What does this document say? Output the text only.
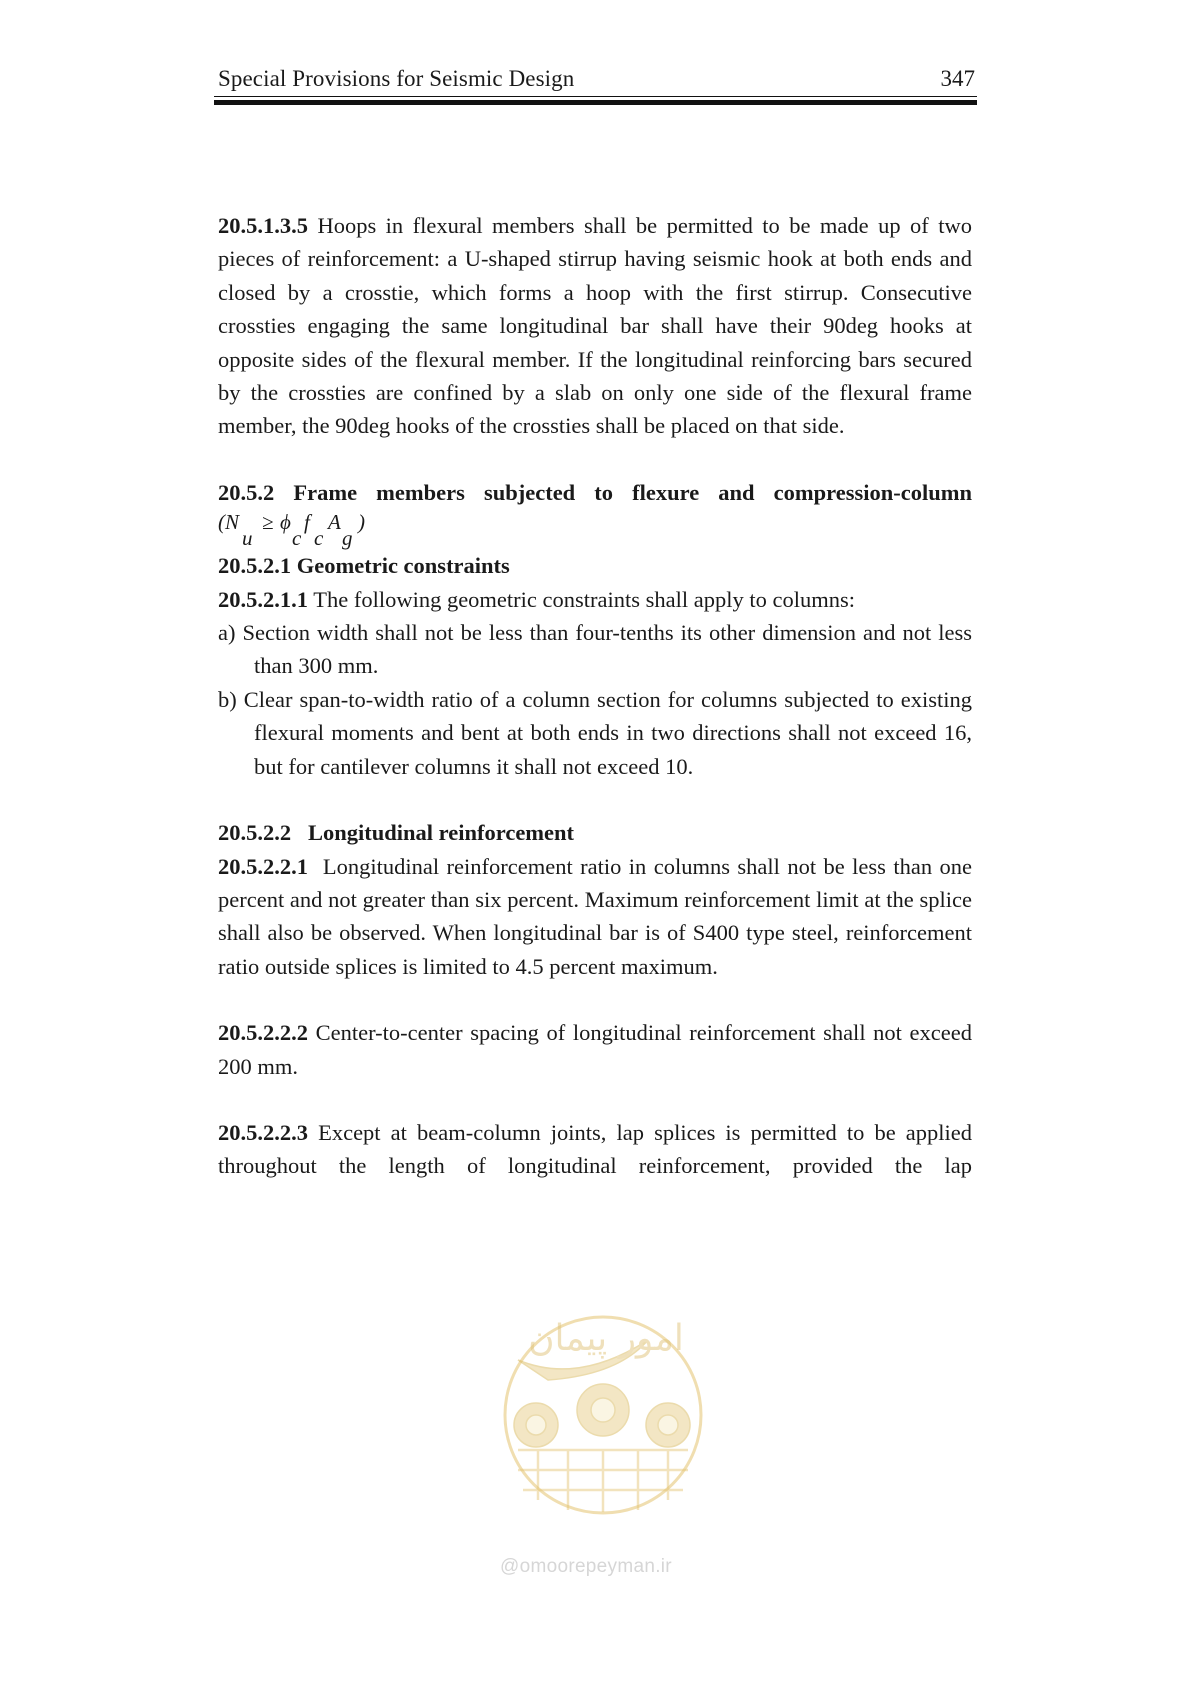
Special Provisions for Seismic Design	347

20.5.1.3.5 Hoops in flexural members shall be permitted to be made up of two pieces of reinforcement: a U-shaped stirrup having seismic hook at both ends and closed by a crosstie, which forms a hoop with the first stirrup. Consecutive crossties engaging the same longitudinal bar shall have their 90deg hooks at opposite sides of the flexural member. If the longitudinal reinforcing bars secured by the crossties are confined by a slab on only one side of the flexural frame member, the 90deg hooks of the crossties shall be placed on that side.

20.5.2 Frame members subjected to flexure and compression-column

(N
u
≥ ϕ
c
f
c
A
g
)

20.5.2.1 Geometric constraints

20.5.2.1.1 The following geometric constraints shall apply to columns:

a) Section width shall not be less than four-tenths its other dimension and not less than 300 mm.

b) Clear span-to-width ratio of a column section for columns subjected to existing flexural moments and bent at both ends in two directions shall not exceed 16, but for cantilever columns it shall not exceed 10.

20.5.2.2   Longitudinal reinforcement

20.5.2.2.1 Longitudinal reinforcement ratio in columns shall not be less than one percent and not greater than six percent. Maximum reinforcement limit at the splice shall also be observed. When longitudinal bar is of S400 type steel, reinforcement ratio outside splices is limited to 4.5 percent maximum.

20.5.2.2.2 Center-to-center spacing of longitudinal reinforcement shall not exceed 200 mm.

20.5.2.2.3 Except at beam-column joints, lap splices is permitted to be applied throughout the length of longitudinal reinforcement, provided the lap

امور پیمان
@omoorepeyman.ir
